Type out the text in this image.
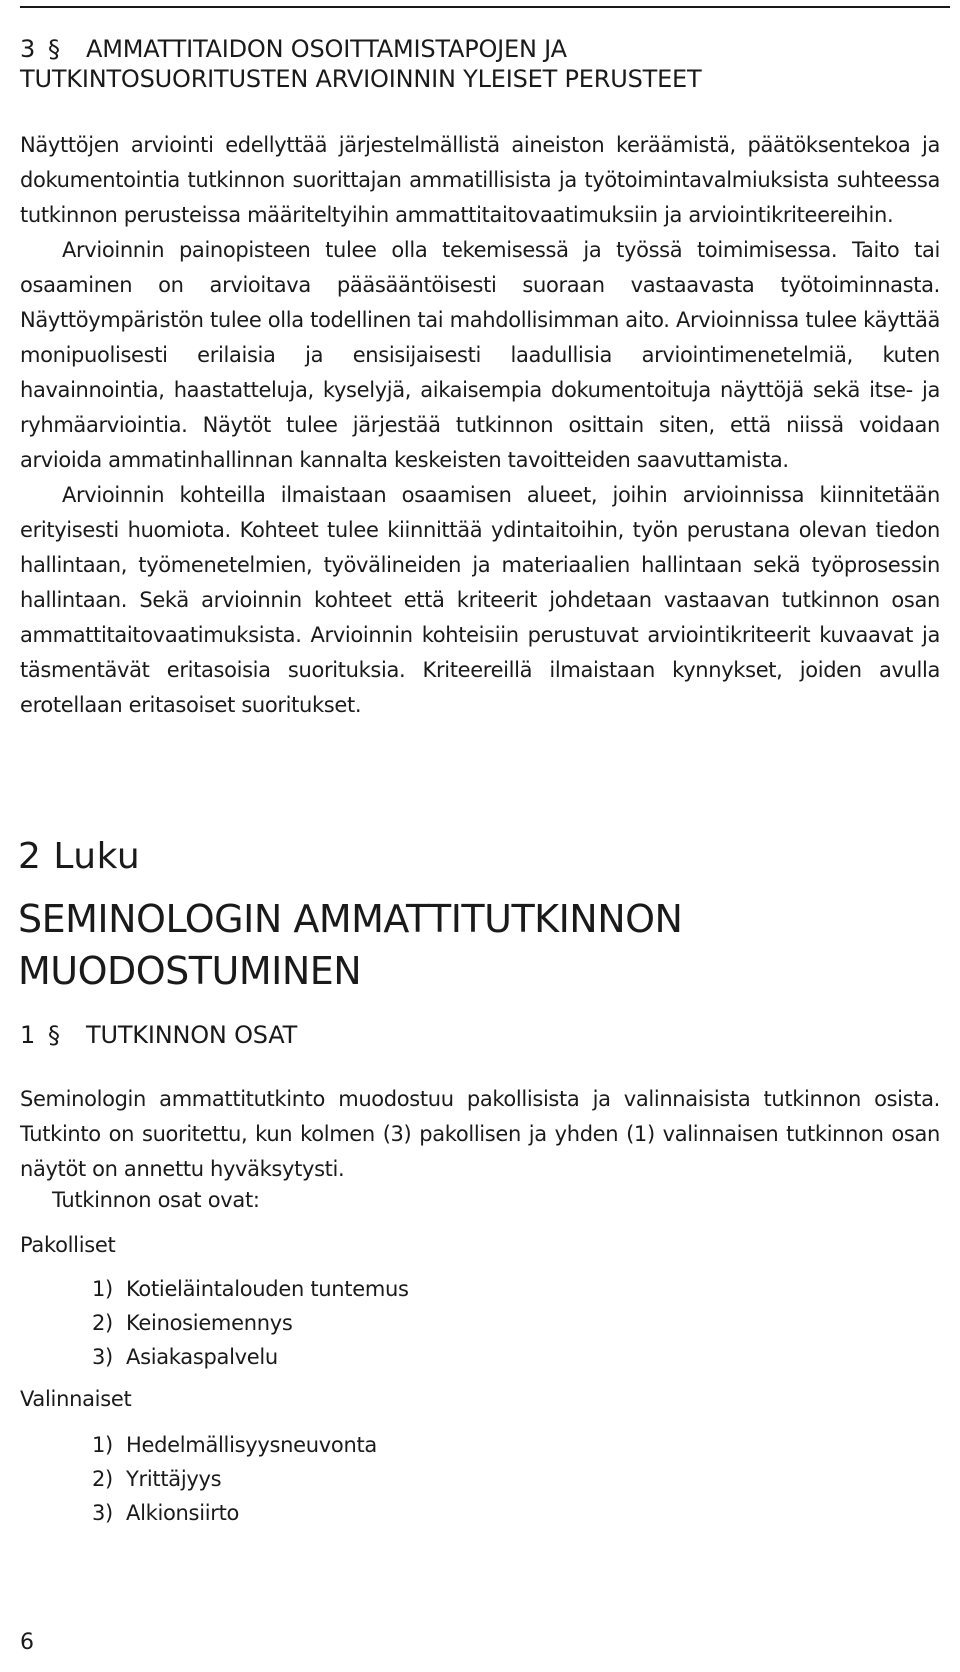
3 § AMMATTITAIDON OSOITTAMISTAPOJEN JA
TUTKINTOSUORITUSTEN ARVIOINNIN YLEISET PERUSTEET

Näyttöjen arviointi edellyttää järjestelmällistä aineiston keräämistä, päätöksentekoa ja dokumentointia tutkinnon suorittajan ammatillisista ja työtoimintavalmiuksista suhteessa tutkinnon perusteissa määriteltyihin ammattitaitovaatimuksiin ja arviointikriteereihin.

Arvioinnin painopisteen tulee olla tekemisessä ja työssä toimimisessa. Taito tai osaaminen on arvioitava pääsääntöisesti suoraan vastaavasta työtoiminnasta. Näyttöympäristön tulee olla todellinen tai mahdollisimman aito. Arvioinnissa tulee käyttää monipuolisesti erilaisia ja ensisijaisesti laadullisia arviointimenetelmiä, kuten havainnointia, haastatteluja, kyselyjä, aikaisempia dokumentoituja näyttöjä sekä itse- ja ryhmäarviointia. Näytöt tulee järjestää tutkinnon osittain siten, että niissä voidaan arvioida ammatinhallinnan kannalta keskeisten tavoitteiden saavuttamista.

Arvioinnin kohteilla ilmaistaan osaamisen alueet, joihin arvioinnissa kiinnitetään erityisesti huomiota. Kohteet tulee kiinnittää ydintaitoihin, työn perustana olevan tiedon hallintaan, työmenetelmien, työvälineiden ja materiaalien hallintaan sekä työprosessin hallintaan. Sekä arvioinnin kohteet että kriteerit johdetaan vastaavan tutkinnon osan ammattitaitovaatimuksista. Arvioinnin kohteisiin perustuvat arviointikriteerit kuvaavat ja täsmentävät eritasoisia suorituksia. Kriteereillä ilmaistaan kynnykset, joiden avulla erotellaan eritasoiset suoritukset.

2 Luku
SEMINOLOGIN AMMATTITUTKINNON
MUODOSTUMINEN
1 § TUTKINNON OSAT

Seminologin ammattitutkinto muodostuu pakollisista ja valinnaisista tutkinnon osista. Tutkinto on suoritettu, kun kolmen (3) pakollisen ja yhden (1) valinnaisen tutkinnon osan näytöt on annettu hyväksytysti.

Tutkinnon osat ovat:
Pakolliset
1) Kotieläintalouden tuntemus
2) Keinosiemennys
3) Asiakaspalvelu
Valinnaiset
1) Hedelmällisyysneuvonta
2) Yrittäjyys
3) Alkionsiirto
6
